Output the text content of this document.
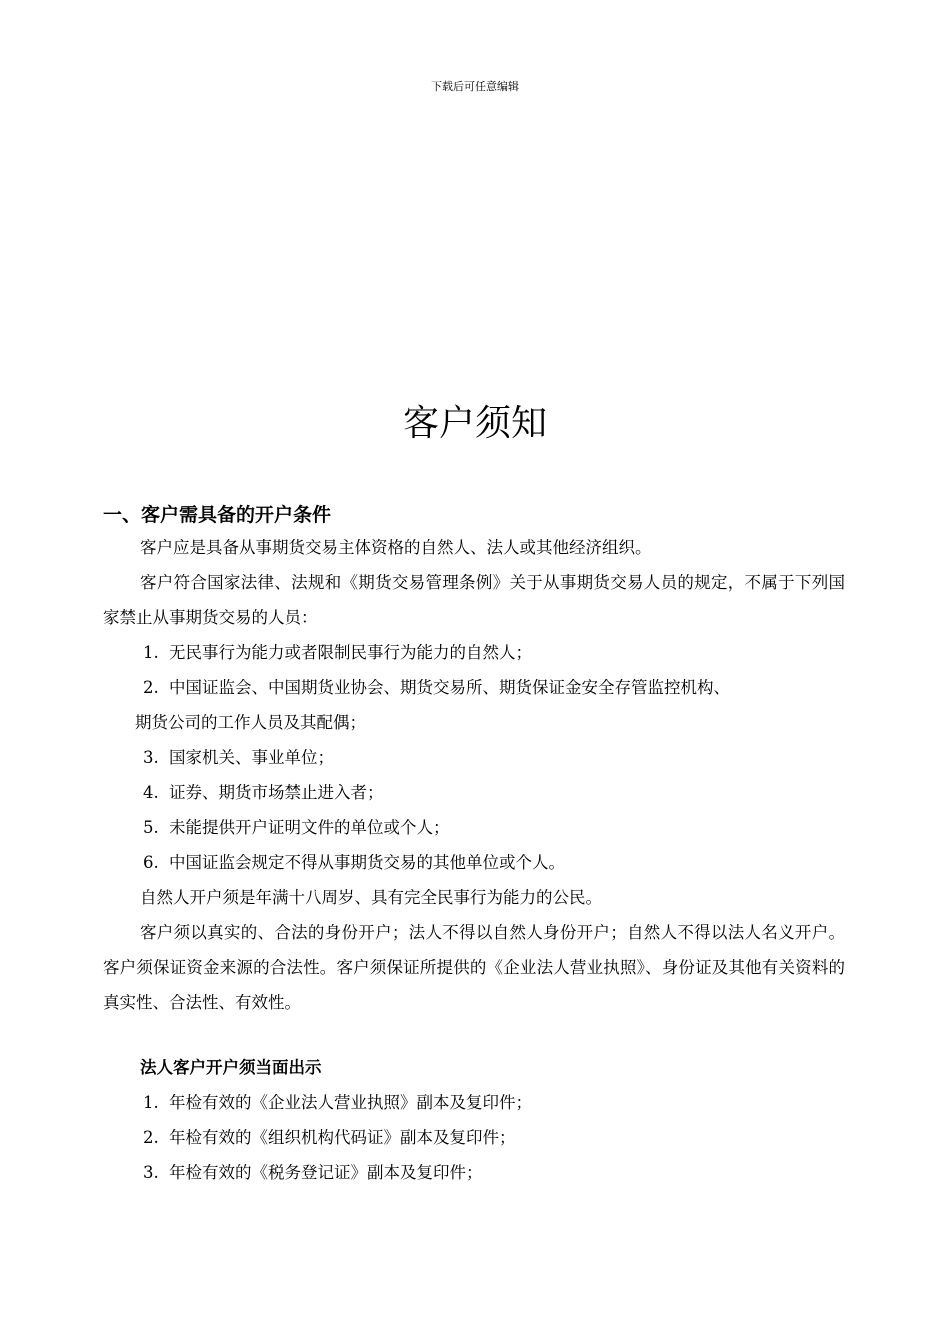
下载后可任意编辑
客户须知
一、客户需具备的开户条件

客户应是具备从事期货交易主体资格的自然人、法人或其他经济组织。

客户符合国家法律、法规和《期货交易管理条例》关于从事期货交易人员的规定，不属于下列国家禁止从事期货交易的人员：

1. 无民事行为能力或者限制民事行为能力的自然人；
2. 中国证监会、中国期货业协会、期货交易所、期货保证金安全存管监控机构、
期货公司的工作人员及其配偶；
3. 国家机关、事业单位；
4. 证券、期货市场禁止进入者；
5. 未能提供开户证明文件的单位或个人；
6. 中国证监会规定不得从事期货交易的其他单位或个人。

自然人开户须是年满十八周岁、具有完全民事行为能力的公民。

客户须以真实的、合法的身份开户；法人不得以自然人身份开户；自然人不得以法人名义开户。客户须保证资金来源的合法性。客户须保证所提供的《企业法人营业执照》、身份证及其他有关资料的真实性、合法性、有效性。

法人客户开户须当面出示
1. 年检有效的《企业法人营业执照》副本及复印件；
2. 年检有效的《组织机构代码证》副本及复印件；
3. 年检有效的《税务登记证》副本及复印件；
